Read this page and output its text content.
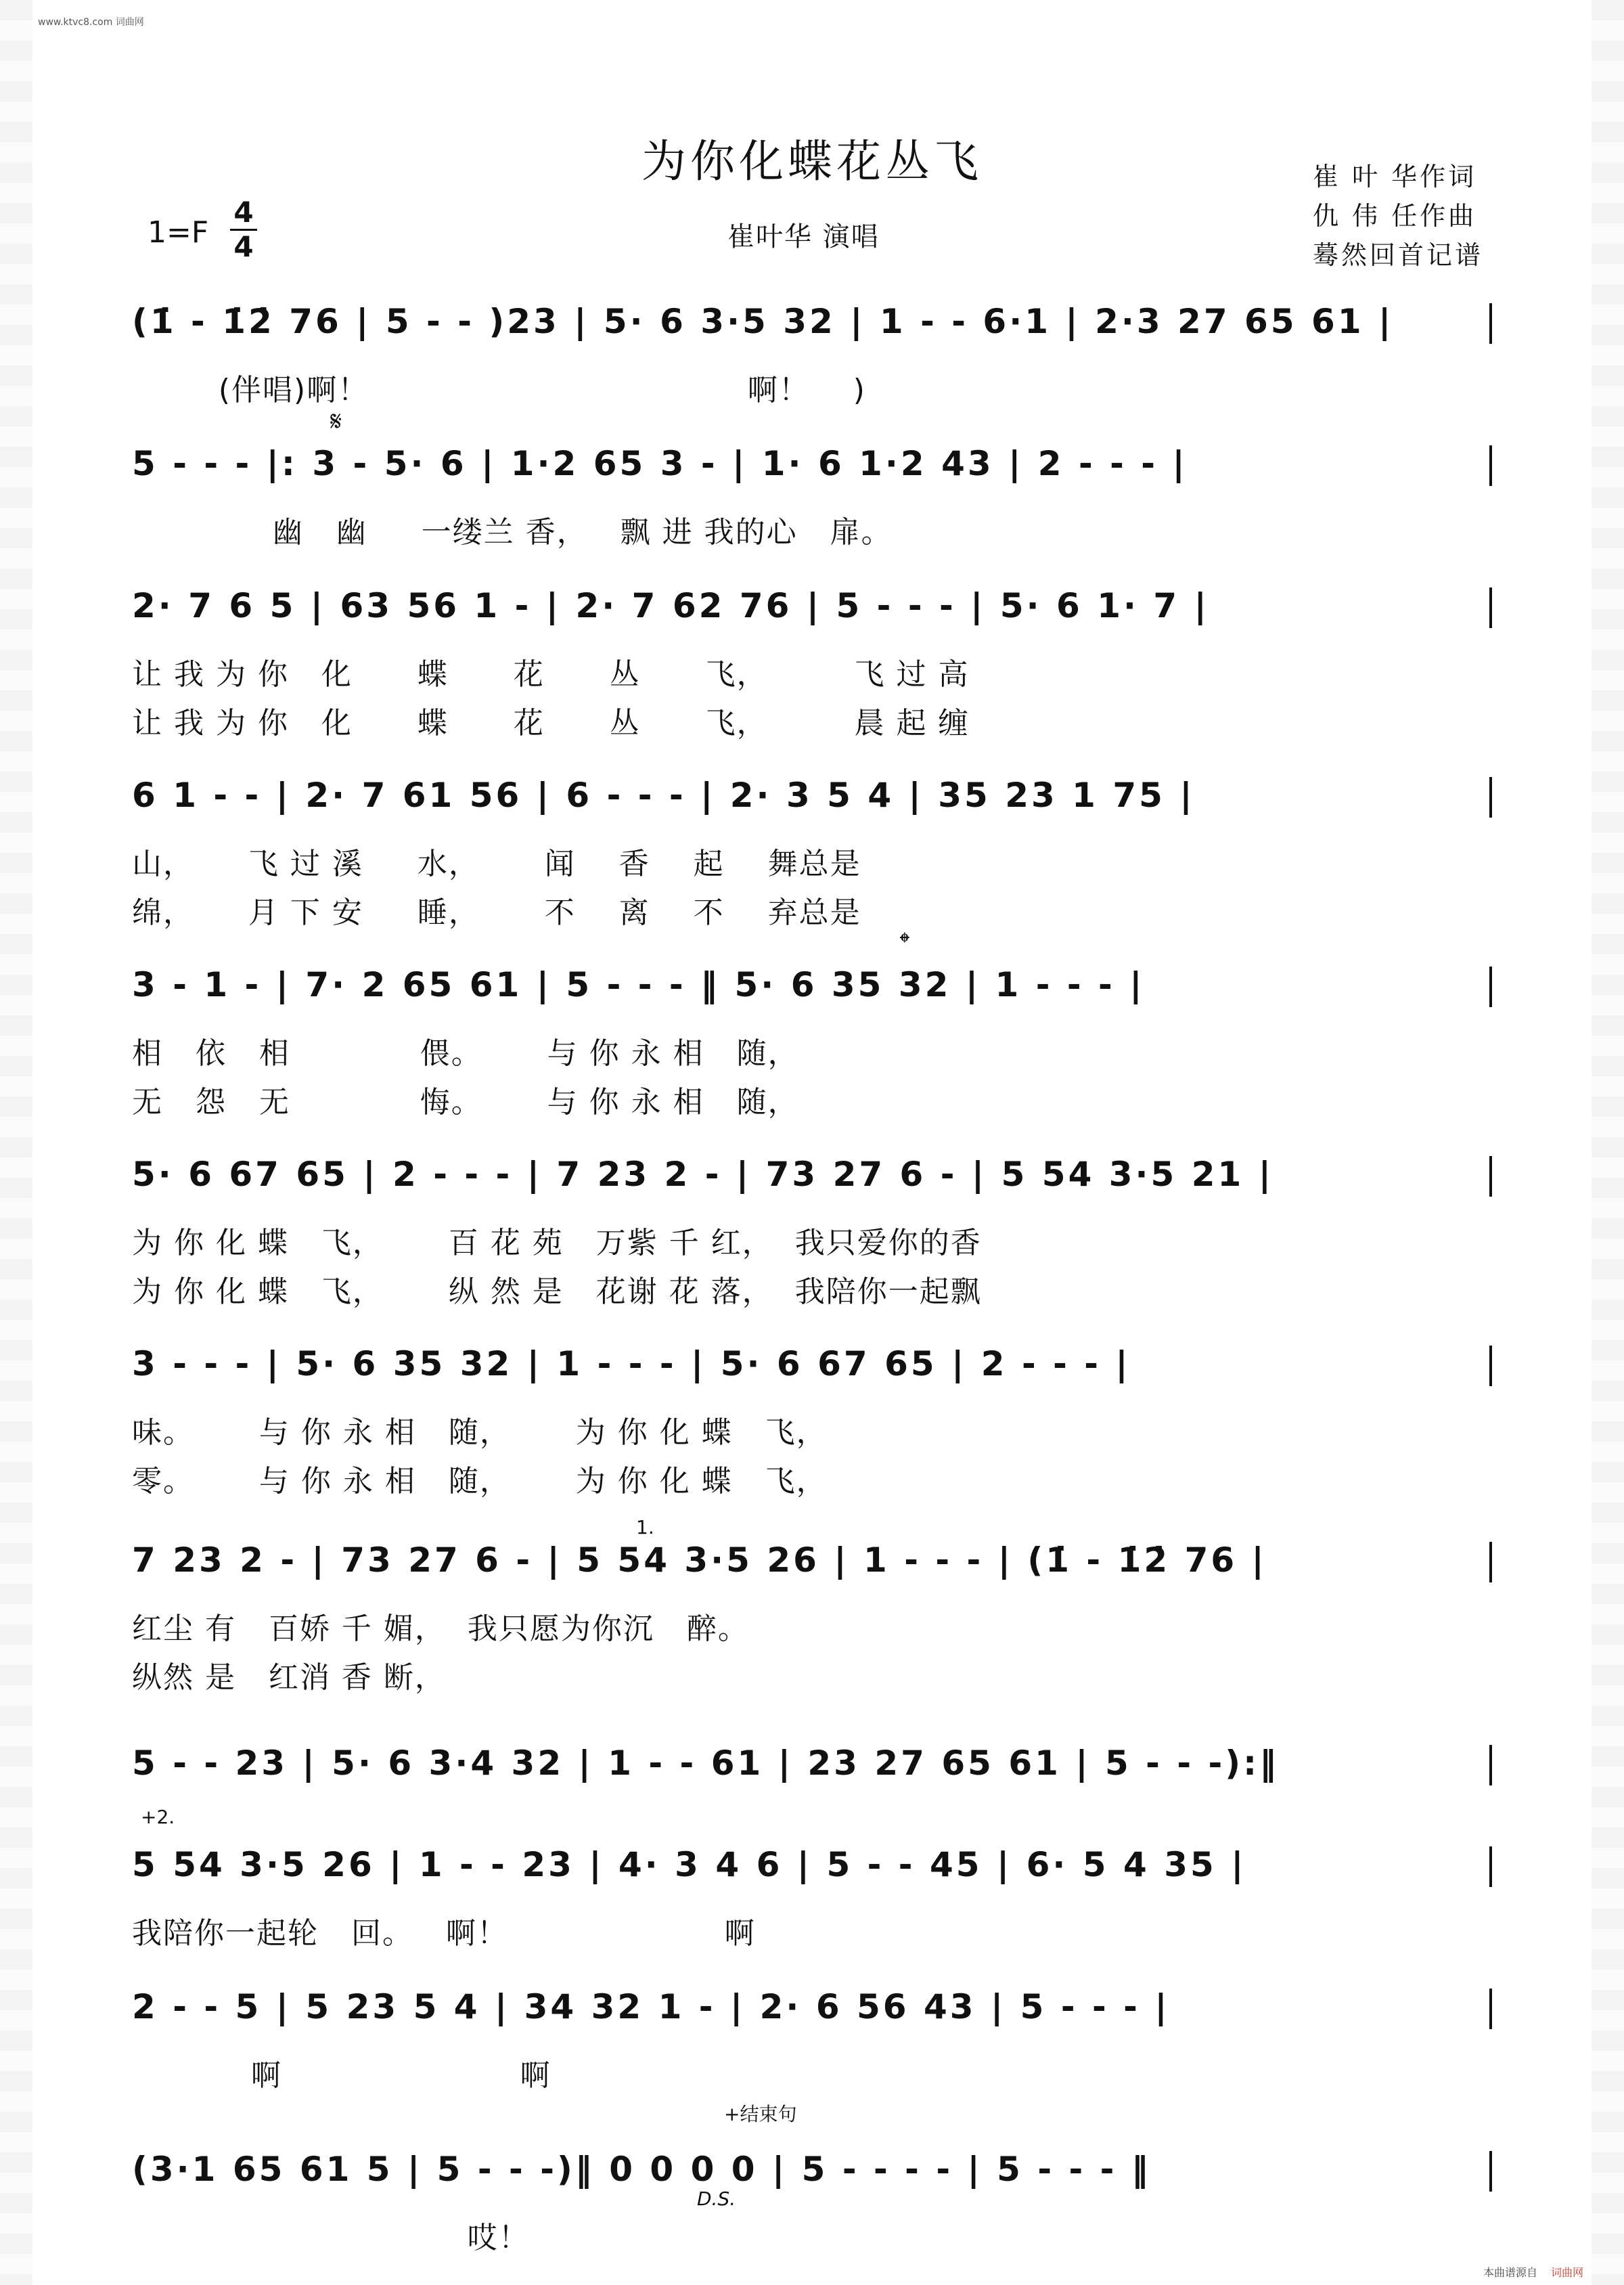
www.ktvc8.com 词曲网
为你化蝶花丛飞
崔叶华 演唱
崔 叶 华作词
仇 伟 任作曲
蓦然回首记谱
1=F
4
4
(1̇ - 1̇2̇ 76 | 5 - - )23 | 5· 6 3·5 32 | 1 - - 6·1 | 2·3 27 65 61 |
(伴唱)啊！                                   啊！    )
5 - - - |: 3 - 5· 6 | 1·2 65 3 - | 1· 6 1·2 43 | 2 - - - |
幽   幽     一缕兰 香，   飘 进 我的心   扉。
2· 7 6 5 | 63 56 1 - | 2· 7 62 76 | 5 - - - | 5· 6 1· 7 |
让 我 为 你   化      蝶      花      丛      飞，        飞 过 高
让 我 为 你   化      蝶      花      丛      飞，        晨 起 缠
6 1 - - | 2· 7 61 56 | 6 - - - | 2· 3 5 4 | 35 23 1 75 |
山，     飞 过 溪     水，      闻    香    起    舞总是
绵，     月 下 安     睡，      不    离    不    弃总是
3 - 1 - | 7· 2 65 61 | 5 - - - ‖ 5· 6 35 32 | 1 - - - |
相   依   相            偎。      与 你 永 相   随，
无   怨   无            悔。      与 你 永 相   随，
5· 6 67 65 | 2 - - - | 7 23 2 - | 73 27 6 - | 5 54 3·5 21 |
为 你 化 蝶   飞，      百 花 苑   万紫 千 红，  我只爱你的香
为 你 化 蝶   飞，      纵 然 是   花谢 花 落，  我陪你一起飘
3 - - - | 5· 6 35 32 | 1 - - - | 5· 6 67 65 | 2 - - - |
味。      与 你 永 相   随，      为 你 化 蝶   飞，
零。      与 你 永 相   随，      为 你 化 蝶   飞，
7 23 2 - | 73 27 6 - | 5 54 3·5 26 | 1 - - - | (1̇ - 1̇2̇ 76 |
红尘 有   百娇 千 媚，  我只愿为你沉   醉。
纵然 是   红消 香 断，
5 - - 23 | 5· 6 3·4 32 | 1 - - 61 | 23 27 65 61 | 5 - - -):‖
5 54 3·5 26 | 1 - - 23 | 4· 3 4 6 | 5 - - 45 | 6· 5 4 35 |
我陪你一起轮   回。   啊！                    啊
2 - - 5 | 5 23 5 4 | 34 32 1 - | 2· 6 56 43 | 5 - - - |
啊                      啊
(3·1 65 61 5 | 5 - - -)‖ 0 0 0 0 | 5 - - - - | 5 - - - ‖
哎！
𝄋
𝄌
1.
+2.
+结束句
D.S.
本曲谱源自 词曲网
